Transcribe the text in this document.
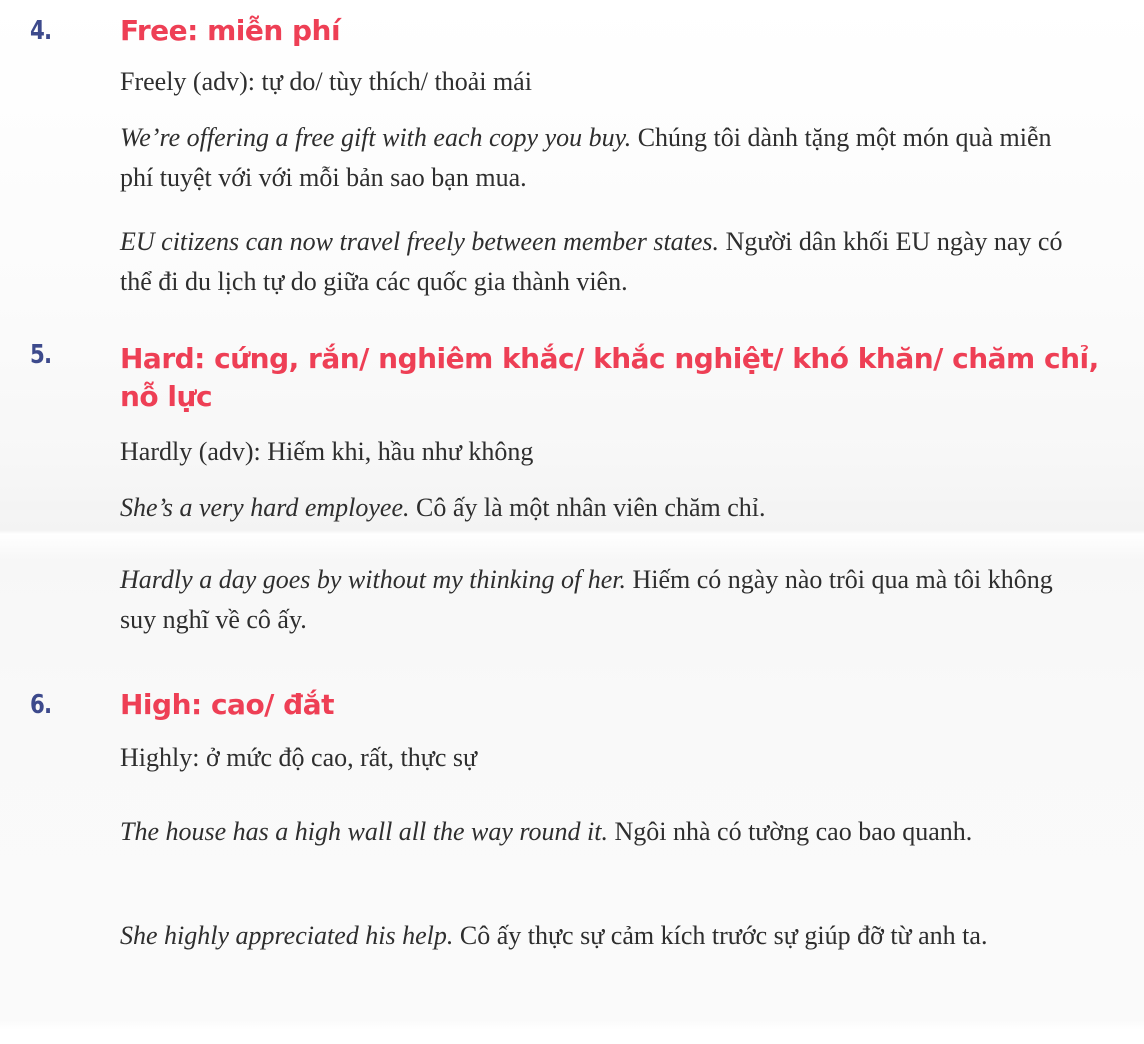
4. Free: miễn phí
Freely (adv): tự do/ tùy thích/ thoải mái
We’re offering a free gift with each copy you buy. Chúng tôi dành tặng một món quà miễn phí tuyệt với với mỗi bản sao bạn mua.
EU citizens can now travel freely between member states. Người dân khối EU ngày nay có thể đi du lịch tự do giữa các quốc gia thành viên.
5. Hard: cứng, rắn/ nghiêm khắc/ khắc nghiệt/ khó khăn/ chăm chỉ, nỗ lực
Hardly (adv): Hiếm khi, hầu như không
She’s a very hard employee. Cô ấy là một nhân viên chăm chỉ.
Hardly a day goes by without my thinking of her. Hiếm có ngày nào trôi qua mà tôi không suy nghĩ về cô ấy.
6. High: cao/ đắt
Highly: ở mức độ cao, rất, thực sự
The house has a high wall all the way round it. Ngôi nhà có tường cao bao quanh.
She highly appreciated his help. Cô ấy thực sự cảm kích trước sự giúp đỡ từ anh ta.
